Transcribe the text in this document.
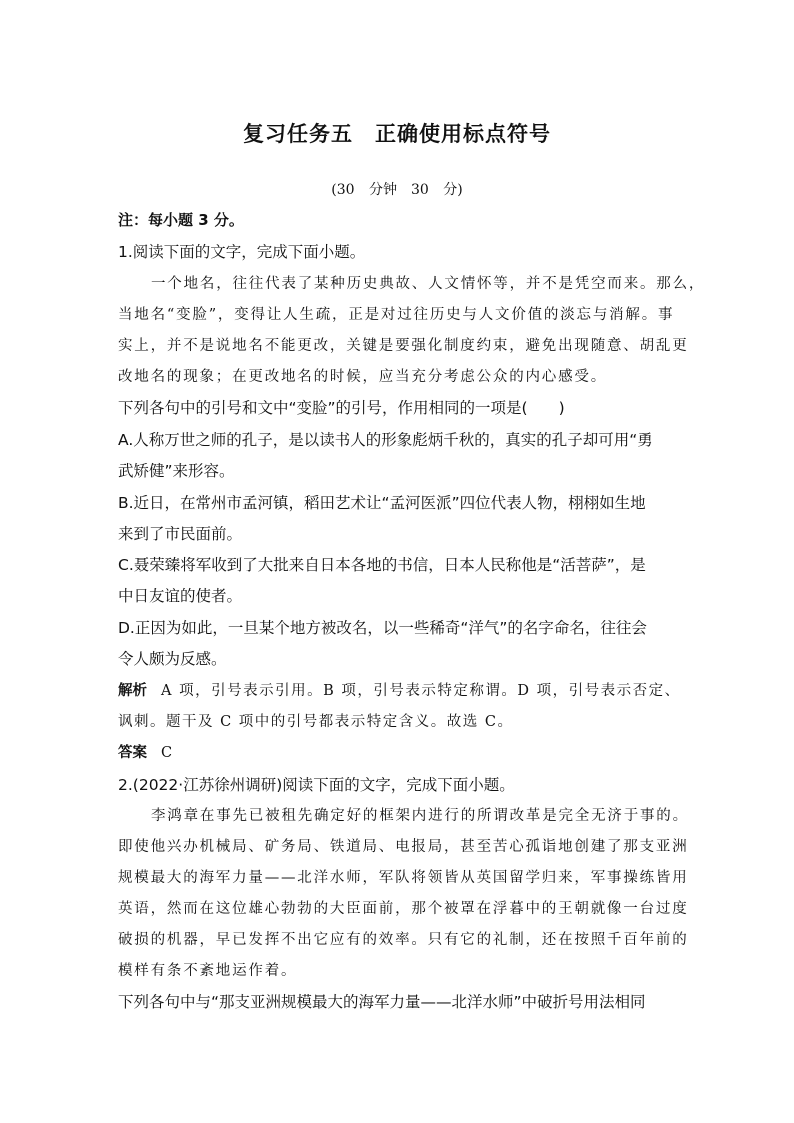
复习任务五　正确使用标点符号
(30 分钟　30 分)
注：每小题 3 分。
1.阅读下面的文字，完成下面小题。
一个地名，往往代表了某种历史典故、人文情怀等，并不是凭空而来。那么，
当地名“变脸”，变得让人生疏，正是对过往历史与人文价值的淡忘与消解。事
实上，并不是说地名不能更改，关键是要强化制度约束，避免出现随意、胡乱更
改地名的现象；在更改地名的时候，应当充分考虑公众的内心感受。
下列各句中的引号和文中“变脸”的引号，作用相同的一项是(　　)
A.人称万世之师的孔子，是以读书人的形象彪炳千秋的，真实的孔子却可用“勇
武矫健”来形容。
B.近日，在常州市孟河镇，稻田艺术让“孟河医派”四位代表人物，栩栩如生地
来到了市民面前。
C.聂荣臻将军收到了大批来自日本各地的书信，日本人民称他是“活菩萨”，是
中日友谊的使者。
D.正因为如此，一旦某个地方被改名，以一些稀奇“洋气”的名字命名，往往会
令人颇为反感。
解析 A 项，引号表示引用。B 项，引号表示特定称谓。D 项，引号表示否定、
讽刺。题干及 C 项中的引号都表示特定含义。故选 C。
答案 C
2.(2022·江苏徐州调研)阅读下面的文字，完成下面小题。
李鸿章在事先已被租先确定好的框架内进行的所谓改革是完全无济于事的。
即使他兴办机械局、矿务局、铁道局、电报局，甚至苦心孤诣地创建了那支亚洲
规模最大的海军力量——北洋水师，军队将领皆从英国留学归来，军事操练皆用
英语，然而在这位雄心勃勃的大臣面前，那个被罩在浮暮中的王朝就像一台过度
破损的机器，早已发挥不出它应有的效率。只有它的礼制，还在按照千百年前的
模样有条不紊地运作着。
下列各句中与“那支亚洲规模最大的海军力量——北洋水师”中破折号用法相同
